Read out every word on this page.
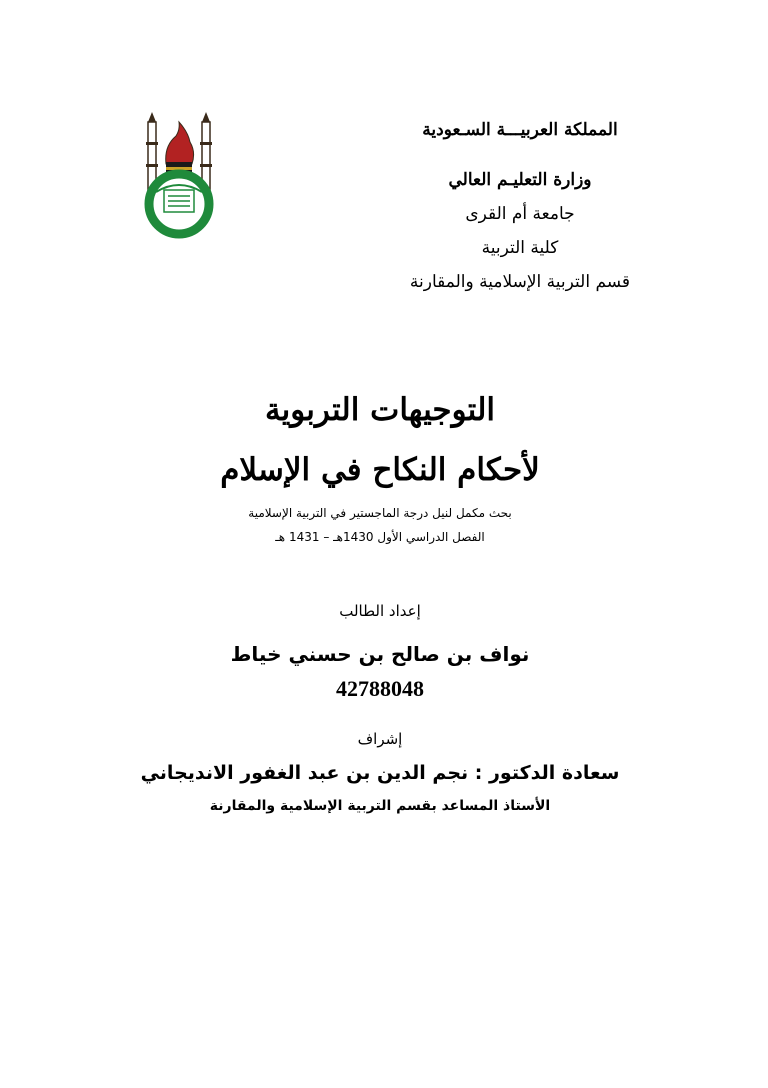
المملكة العربيـــة السـعودية
وزارة التعليـم العالي
جامعة أم القرى
كلية التربية
قسم التربية الإسلامية والمقارنة
التوجيهات التربوية
لأحكام النكاح في الإسلام
بحث مكمل لنيل درجة الماجستير في التربية الإسلامية
الفصل الدراسي الأول 1430هـ – 1431 هـ
إعداد الطالب
نواف بن صالح بن حسني خياط
42788048
إشراف
سعادة الدكتور : نجم الدين بن عبد الغفور الانديجاني
الأستاذ المساعد بقسم التربية الإسلامية والمقارنة
